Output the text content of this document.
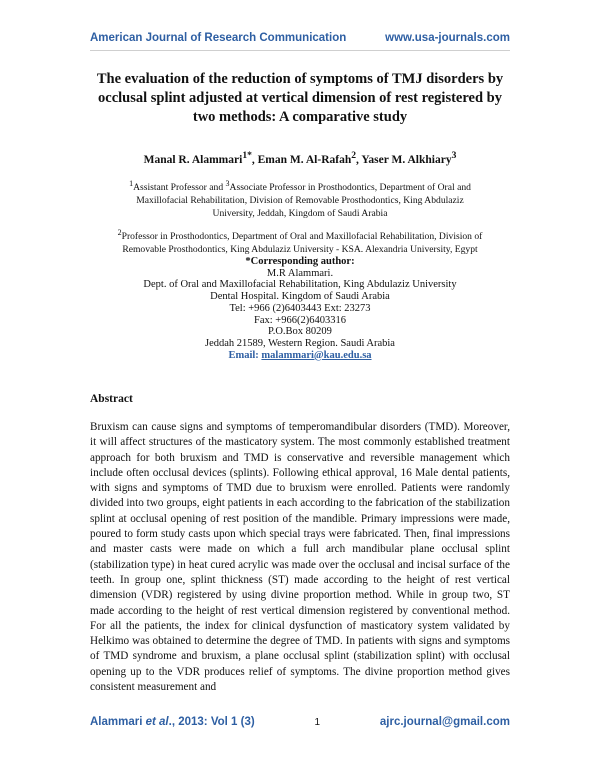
American Journal of Research Communication	www.usa-journals.com
The evaluation of the reduction of symptoms of TMJ disorders by occlusal splint adjusted at vertical dimension of rest registered by two methods: A comparative study
Manal R. Alammari$^{1*}$, Eman M. Al-Rafah$^2$, Yaser M. Alkhiary$^3$
$^1$Assistant Professor and $^3$Associate Professor in Prosthodontics, Department of Oral and Maxillofacial Rehabilitation, Division of Removable Prosthodontics, King Abdulaziz University, Jeddah, Kingdom of Saudi Arabia
$^2$Professor in Prosthodontics, Department of Oral and Maxillofacial Rehabilitation, Division of Removable Prosthodontics, King Abdulaziz University - KSA. Alexandria University, Egypt
*Corresponding author:
M.R Alammari.
Dept. of Oral and Maxillofacial Rehabilitation, King Abdulaziz University
Dental Hospital. Kingdom of Saudi Arabia
Tel: +966 (2)6403443 Ext: 23273
Fax: +966(2)6403316
P.O.Box 80209
Jeddah 21589, Western Region. Saudi Arabia
Email: malammari@kau.edu.sa
Abstract
Bruxism can cause signs and symptoms of temperomandibular disorders (TMD). Moreover, it will affect structures of the masticatory system. The most commonly established treatment approach for both bruxism and TMD is conservative and reversible management which include often occlusal devices (splints). Following ethical approval, 16 Male dental patients, with signs and symptoms of TMD due to bruxism were enrolled. Patients were randomly divided into two groups, eight patients in each according to the fabrication of the stabilization splint at occlusal opening of rest position of the mandible. Primary impressions were made, poured to form study casts upon which special trays were fabricated. Then, final impressions and master casts were made on which a full arch mandibular plane occlusal splint (stabilization type) in heat cured acrylic was made over the occlusal and incisal surface of the teeth. In group one, splint thickness (ST) made according to the height of rest vertical dimension (VDR) registered by using divine proportion method. While in group two, ST made according to the height of rest vertical dimension registered by conventional method. For all the patients, the index for clinical dysfunction of masticatory system validated by Helkimo was obtained to determine the degree of TMD. In patients with signs and symptoms of TMD syndrome and bruxism, a plane occlusal splint (stabilization splint) with occlusal opening up to the VDR produces relief of symptoms. The divine proportion method gives consistent measurement and
Alammari et al., 2013: Vol 1 (3)	1	ajrc.journal@gmail.com
